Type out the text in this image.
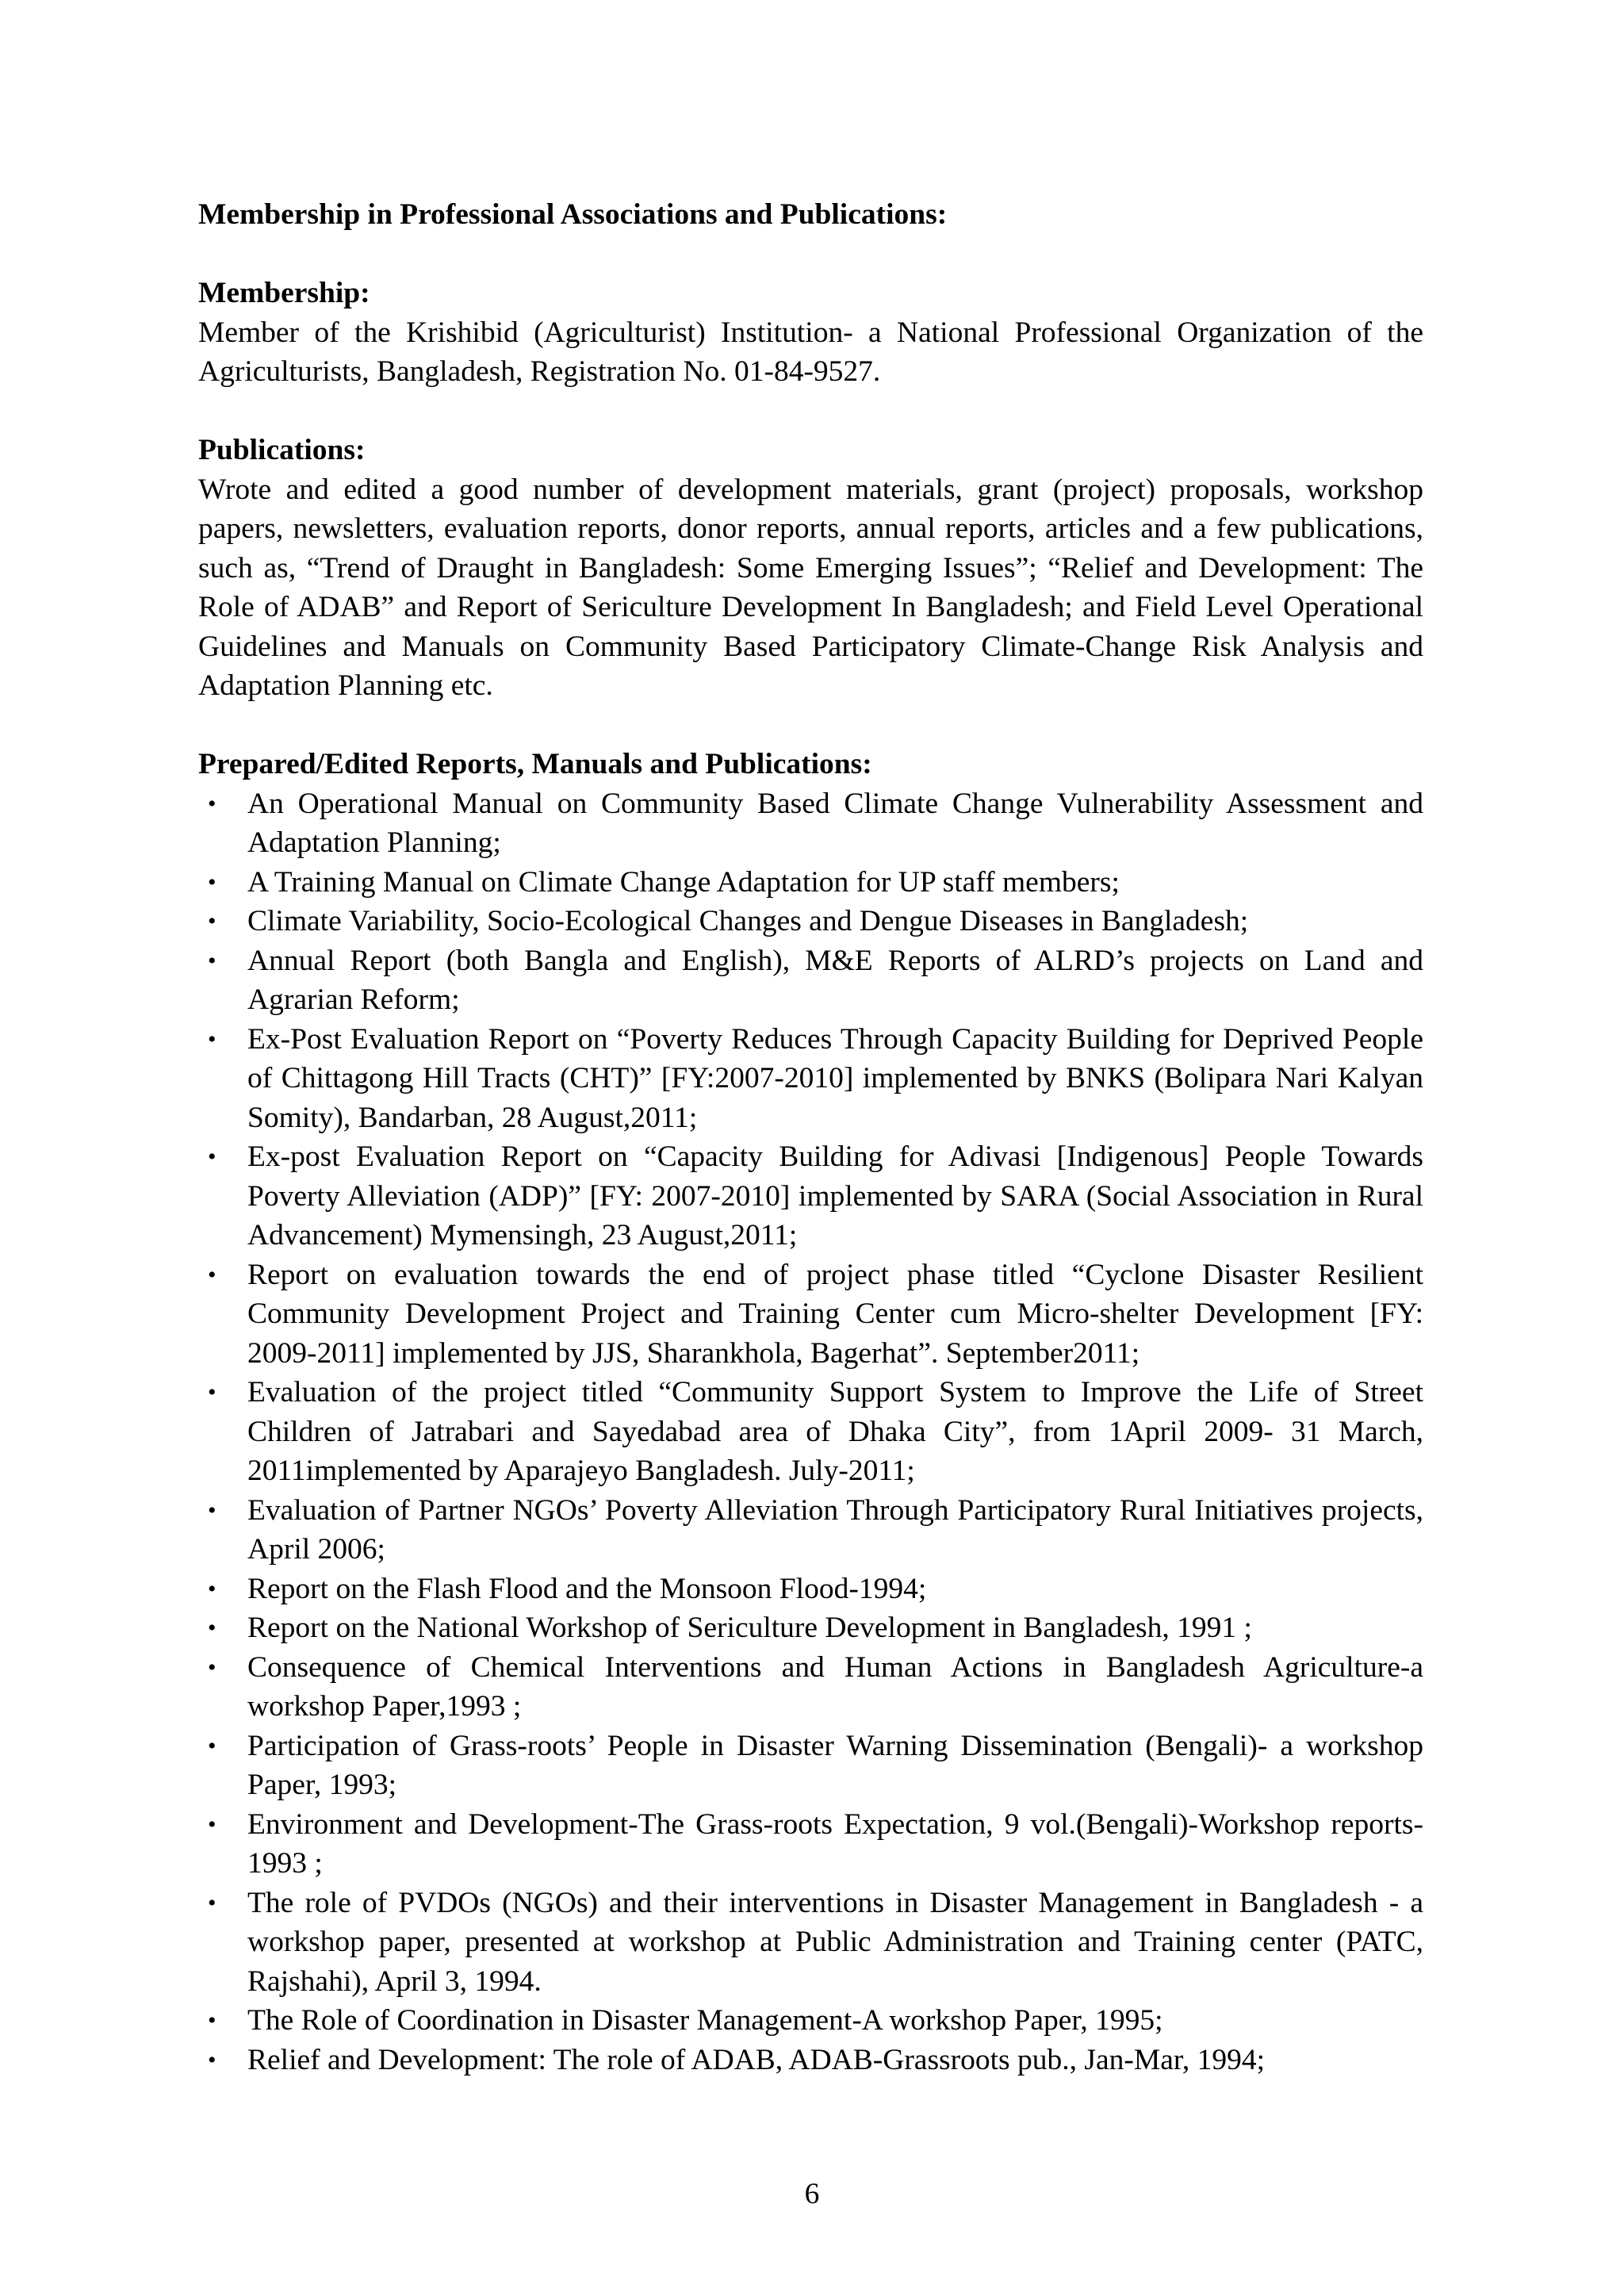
Membership in Professional Associations and Publications:

Membership:

Member of the Krishibid (Agriculturist) Institution- a National Professional Organization of the Agriculturists, Bangladesh, Registration No. 01-84-9527.

Publications:

Wrote and edited a good number of development materials, grant (project) proposals, workshop papers, newsletters, evaluation reports, donor reports, annual reports, articles and a few publications, such as, “Trend of Draught in Bangladesh: Some Emerging Issues”; “Relief and Development: The Role of ADAB” and Report of Sericulture Development In Bangladesh; and Field Level Operational Guidelines and Manuals on Community Based Participatory Climate-Change Risk Analysis and Adaptation Planning etc.

Prepared/Edited Reports, Manuals and Publications:

• An Operational Manual on Community Based Climate Change Vulnerability Assessment and Adaptation Planning;
• A Training Manual on Climate Change Adaptation for UP staff members;
• Climate Variability, Socio-Ecological Changes and Dengue Diseases in Bangladesh;
• Annual Report (both Bangla and English), M&E Reports of ALRD’s projects on Land and Agrarian Reform;
• Ex-Post Evaluation Report on “Poverty Reduces Through Capacity Building for Deprived People of Chittagong Hill Tracts (CHT)” [FY:2007-2010] implemented by BNKS (Bolipara Nari Kalyan Somity), Bandarban, 28 August,2011;
• Ex-post Evaluation Report on “Capacity Building for Adivasi [Indigenous] People Towards Poverty Alleviation (ADP)” [FY: 2007-2010] implemented by SARA (Social Association in Rural Advancement) Mymensingh, 23 August,2011;
• Report on evaluation towards the end of project phase titled “Cyclone Disaster Resilient Community Development Project and Training Center cum Micro-shelter Development [FY: 2009-2011] implemented by JJS, Sharankhola, Bagerhat”. September2011;
• Evaluation of the project titled “Community Support System to Improve the Life of Street Children of Jatrabari and Sayedabad area of Dhaka City”, from 1April 2009- 31 March, 2011implemented by Aparajeyo Bangladesh. July-2011;
• Evaluation of Partner NGOs’ Poverty Alleviation Through Participatory Rural Initiatives projects, April 2006;
• Report on the Flash Flood and the Monsoon Flood-1994;
• Report on the National Workshop of Sericulture Development in Bangladesh, 1991 ;
• Consequence of Chemical Interventions and Human Actions in Bangladesh Agriculture-a workshop Paper,1993 ;
• Participation of Grass-roots’ People in Disaster Warning Dissemination (Bengali)- a workshop Paper, 1993;
• Environment and Development-The Grass-roots Expectation, 9 vol.(Bengali)-Workshop reports-1993 ;
• The role of PVDOs (NGOs) and their interventions in Disaster Management in Bangladesh - a workshop paper, presented at workshop at Public Administration and Training center (PATC, Rajshahi), April 3, 1994.
• The Role of Coordination in Disaster Management-A workshop Paper, 1995;
• Relief and Development: The role of ADAB, ADAB-Grassroots pub., Jan-Mar, 1994;
6
